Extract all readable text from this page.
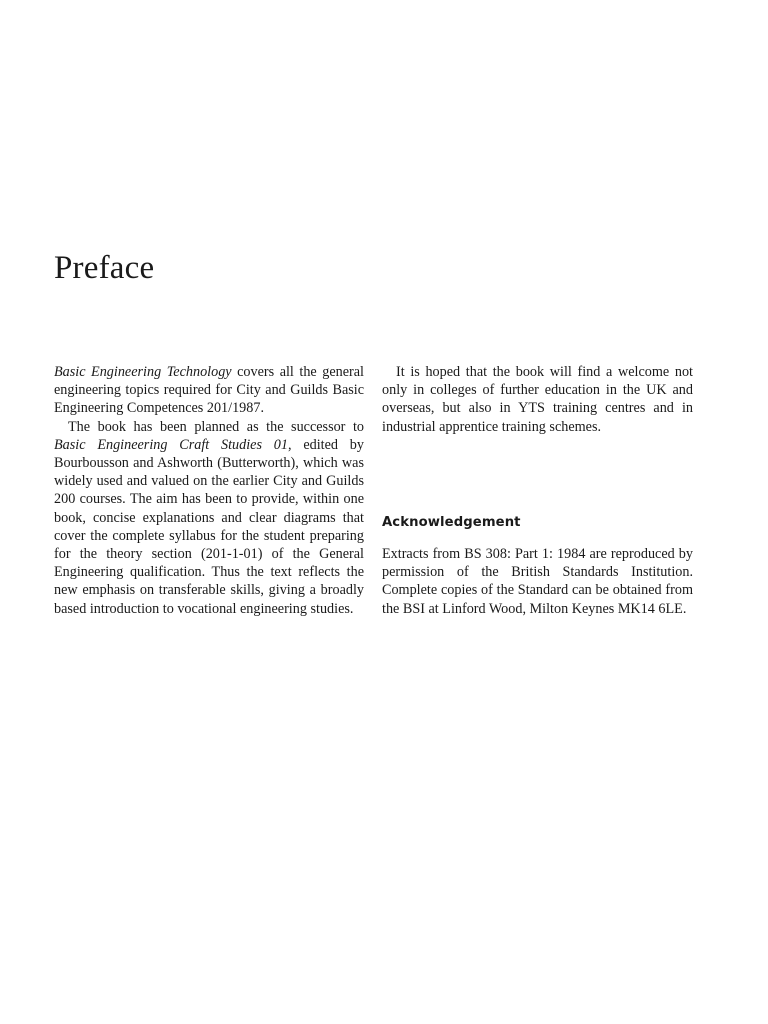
Preface

Basic Engineering Technology covers all the general engineering topics required for City and Guilds Basic Engineering Competences 201/1987.

The book has been planned as the successor to Basic Engineering Craft Studies 01, edited by Bourbousson and Ashworth (Butterworth), which was widely used and valued on the earlier City and Guilds 200 courses. The aim has been to provide, within one book, concise explanations and clear diagrams that cover the complete syllabus for the student preparing for the theory section (201-1-01) of the General Engineering qualification. Thus the text reflects the new emphasis on transferable skills, giving a broadly based introduction to vocational engineering studies.

It is hoped that the book will find a welcome not only in colleges of further education in the UK and overseas, but also in YTS training centres and in industrial apprentice training schemes.

Acknowledgement

Extracts from BS 308: Part 1: 1984 are reproduced by permission of the British Standards Institution. Complete copies of the Standard can be obtained from the BSI at Linford Wood, Milton Keynes MK14 6LE.
